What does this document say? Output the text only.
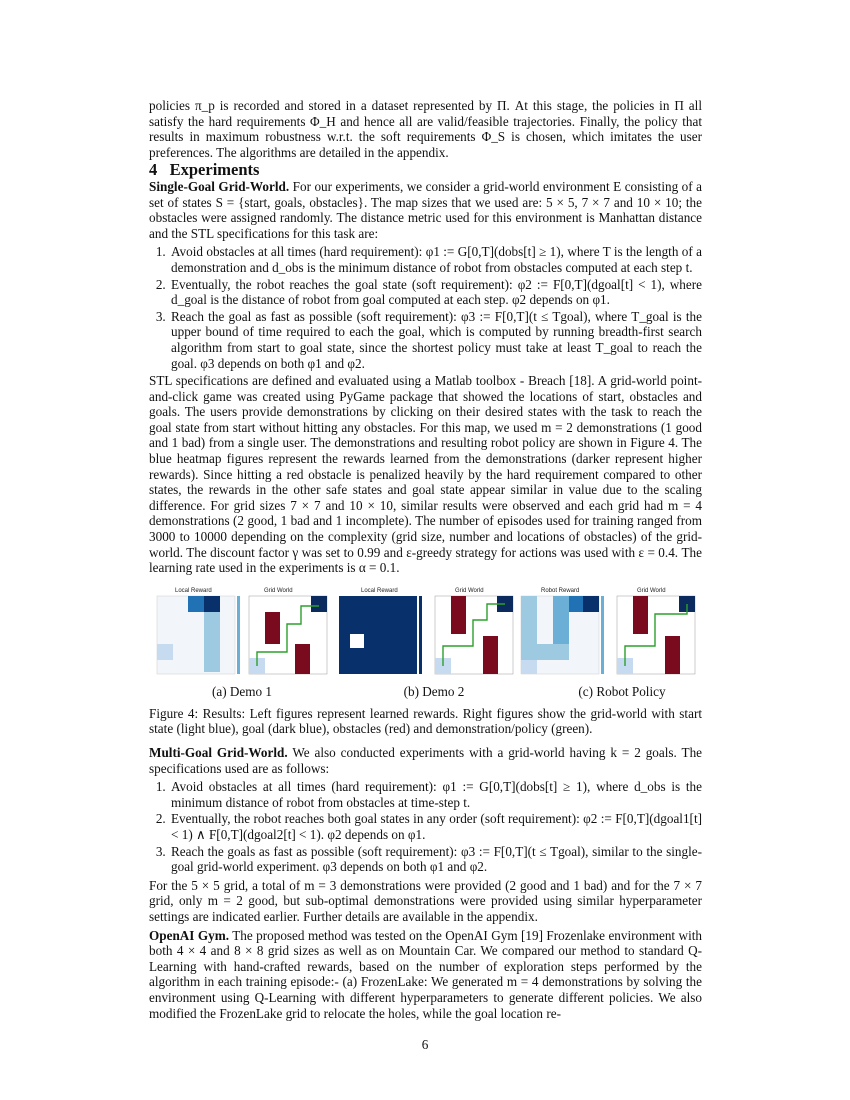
policies π_p is recorded and stored in a dataset represented by Π. At this stage, the policies in Π all satisfy the hard requirements Φ_H and hence all are valid/feasible trajectories. Finally, the policy that results in maximum robustness w.r.t. the soft requirements Φ_S is chosen, which imitates the user preferences. The algorithms are detailed in the appendix.

4 Experiments

Single-Goal Grid-World. For our experiments, we consider a grid-world environment E consisting of a set of states S = {start, goals, obstacles}. The map sizes that we used are: 5 × 5, 7 × 7 and 10 × 10; the obstacles were assigned randomly. The distance metric used for this environment is Manhattan distance and the STL specifications for this task are:

1. Avoid obstacles at all times (hard requirement): φ1 := G[0,T](dobs[t] ≥ 1), where T is the length of a demonstration and d_obs is the minimum distance of robot from obstacles computed at each step t.
2. Eventually, the robot reaches the goal state (soft requirement): φ2 := F[0,T](dgoal[t] < 1), where d_goal is the distance of robot from goal computed at each step. φ2 depends on φ1.
3. Reach the goal as fast as possible (soft requirement): φ3 := F[0,T](t ≤ Tgoal), where T_goal is the upper bound of time required to each the goal, which is computed by running breadth-first search algorithm from start to goal state, since the shortest policy must take at least T_goal to reach the goal. φ3 depends on both φ1 and φ2.

STL specifications are defined and evaluated using a Matlab toolbox - Breach [18]. A grid-world point-and-click game was created using PyGame package that showed the locations of start, obstacles and goals. The users provide demonstrations by clicking on their desired states with the task to reach the goal state from start without hitting any obstacles. For this map, we used m = 2 demonstrations (1 good and 1 bad) from a single user. The demonstrations and resulting robot policy are shown in Figure 4. The blue heatmap figures represent the rewards learned from the demonstrations (darker represent higher rewards). Since hitting a red obstacle is penalized heavily by the hard requirement compared to other states, the rewards in the other safe states and goal state appear similar in value due to the scaling difference. For grid sizes 7 × 7 and 10 × 10, similar results were observed and each grid had m = 4 demonstrations (2 good, 1 bad and 1 incomplete). The number of episodes used for training ranged from 3000 to 10000 depending on the complexity (grid size, number and locations of obstacles) of the grid-world. The discount factor γ was set to 0.99 and ε-greedy strategy for actions was used with ε = 0.4. The learning rate used in the experiments is α = 0.1.

Local Reward	Grid World
(a) Demo 1
Local Reward	Grid World
(b) Demo 2
Robot Reward	Grid World
(c) Robot Policy

Figure 4: Results: Left figures represent learned rewards. Right figures show the grid-world with start state (light blue), goal (dark blue), obstacles (red) and demonstration/policy (green).

Multi-Goal Grid-World. We also conducted experiments with a grid-world having k = 2 goals. The specifications used are as follows:

1. Avoid obstacles at all times (hard requirement): φ1 := G[0,T](dobs[t] ≥ 1), where d_obs is the minimum distance of robot from obstacles at time-step t.
2. Eventually, the robot reaches both goal states in any order (soft requirement): φ2 := F[0,T](dgoal1[t] < 1) ∧ F[0,T](dgoal2[t] < 1). φ2 depends on φ1.
3. Reach the goals as fast as possible (soft requirement): φ3 := F[0,T](t ≤ Tgoal), similar to the single-goal grid-world experiment. φ3 depends on both φ1 and φ2.

For the 5 × 5 grid, a total of m = 3 demonstrations were provided (2 good and 1 bad) and for the 7 × 7 grid, only m = 2 good, but sub-optimal demonstrations were provided using similar hyperparameter settings are indicated earlier. Further details are available in the appendix.

OpenAI Gym. The proposed method was tested on the OpenAI Gym [19] Frozenlake environment with both 4 × 4 and 8 × 8 grid sizes as well as on Mountain Car. We compared our method to standard Q-Learning with hand-crafted rewards, based on the number of exploration steps performed by the algorithm in each training episode:- (a) FrozenLake: We generated m = 4 demonstrations by solving the environment using Q-Learning with different hyperparameters to generate different policies. We also modified the FrozenLake grid to relocate the holes, while the goal location re-

6
